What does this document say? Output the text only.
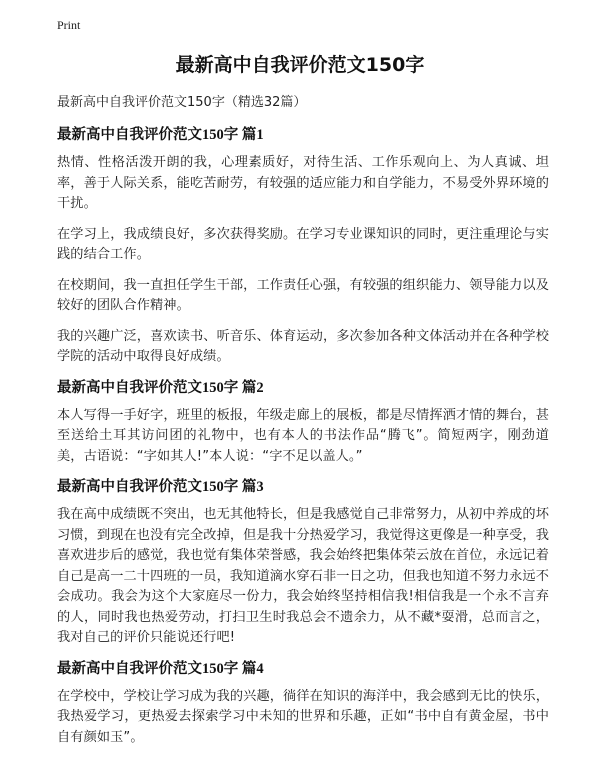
Print
最新高中自我评价范文150字

最新高中自我评价范文150字（精选32篇）

最新高中自我评价范文150字 篇1

热情、性格活泼开朗的我，心理素质好，对待生活、工作乐观向上、为人真诚、坦率，善于人际关系，能吃苦耐劳，有较强的适应能力和自学能力，不易受外界环境的干扰。

在学习上，我成绩良好，多次获得奖励。在学习专业课知识的同时，更注重理论与实践的结合工作。

在校期间，我一直担任学生干部，工作责任心强，有较强的组织能力、领导能力以及较好的团队合作精神。

我的兴趣广泛，喜欢读书、听音乐、体育运动，多次参加各种文体活动并在各种学校学院的活动中取得良好成绩。

最新高中自我评价范文150字 篇2

本人写得一手好字，班里的板报，年级走廊上的展板，都是尽情挥洒才情的舞台，甚至送给土耳其访问团的礼物中，也有本人的书法作品“腾飞”。简短两字，刚劲道美，古语说：“字如其人!”本人说：“字不足以盖人。”

最新高中自我评价范文150字 篇3

我在高中成绩既不突出，也无其他特长，但是我感觉自己非常努力，从初中养成的坏习惯，到现在也没有完全改掉，但是我十分热爱学习，我觉得这更像是一种享受，我喜欢进步后的感觉，我也觉有集体荣誉感，我会始终把集体荣云放在首位，永远记着自己是高一二十四班的一员，我知道滴水穿石非一日之功，但我也知道不努力永远不会成功。我会为这个大家庭尽一份力，我会始终坚持相信我!相信我是一个永不言弃的人，同时我也热爱劳动，打扫卫生时我总会不遗余力，从不藏*耍滑，总而言之，我对自己的评价只能说还行吧!

最新高中自我评价范文150字 篇4

在学校中，学校让学习成为我的兴趣，徜徉在知识的海洋中，我会感到无比的快乐，我热爱学习，更热爱去探索学习中未知的世界和乐趣，正如“书中自有黄金屋，书中自有颜如玉”。
